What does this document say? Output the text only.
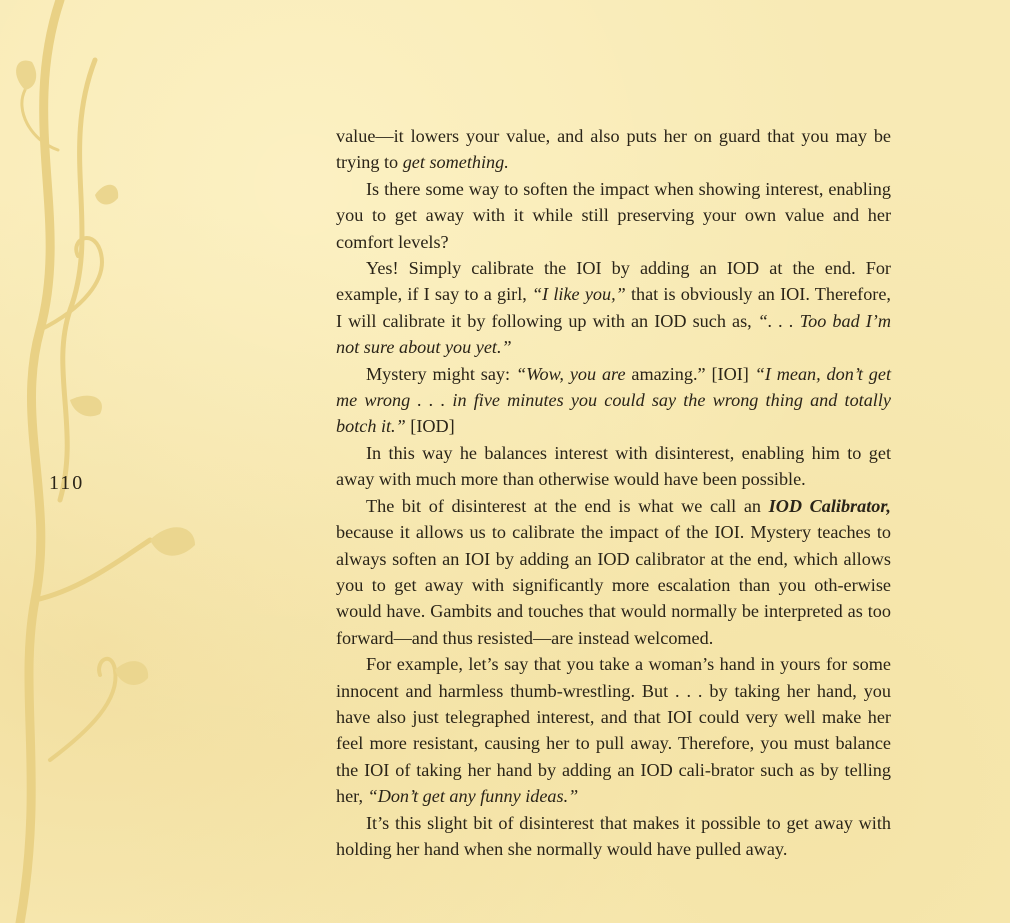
110

value—it lowers your value, and also puts her on guard that you may be trying to get something.

Is there some way to soften the impact when showing interest, enabling you to get away with it while still preserving your own value and her comfort levels?

Yes! Simply calibrate the IOI by adding an IOD at the end. For example, if I say to a girl, “I like you,” that is obviously an IOI. Therefore, I will calibrate it by following up with an IOD such as, “. . . Too bad I’m not sure about you yet.”

Mystery might say: “Wow, you are amazing.” [IOI] “I mean, don’t get me wrong . . . in five minutes you could say the wrong thing and totally botch it.” [IOD]

In this way he balances interest with disinterest, enabling him to get away with much more than otherwise would have been possible.

The bit of disinterest at the end is what we call an IOD Calibrator, because it allows us to calibrate the impact of the IOI. Mystery teaches to always soften an IOI by adding an IOD calibrator at the end, which allows you to get away with significantly more escalation than you oth-erwise would have. Gambits and touches that would normally be interpreted as too forward—and thus resisted—are instead welcomed.

For example, let’s say that you take a woman’s hand in yours for some innocent and harmless thumb-wrestling. But . . . by taking her hand, you have also just telegraphed interest, and that IOI could very well make her feel more resistant, causing her to pull away. Therefore, you must balance the IOI of taking her hand by adding an IOD cali-brator such as by telling her, “Don’t get any funny ideas.”

It’s this slight bit of disinterest that makes it possible to get away with holding her hand when she normally would have pulled away.
